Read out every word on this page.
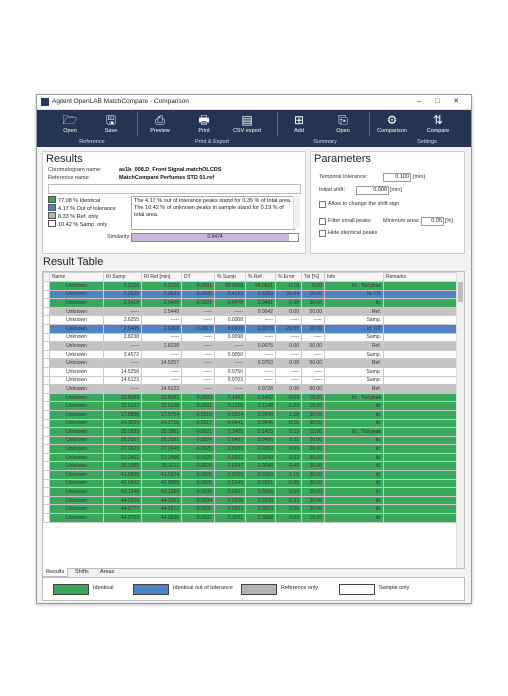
Agilent OpenLAB MatchCompare - Comparison	– □ ✕
🗁
Open
🖫
Save
⎙
Preview
🖶
Print
▤
CSV export
⊞
Add
⎘
Open
⚙
Comparison
⇅
Compare
Reference	Print & Export	Summary	Settings
Results
Chromatogram name:	as1b_008.D_Front Signal.matchOLCDS
Reference name:	MatchCompare Perfumes STD 01.ref
77.08 % Identical
4.17 % Out of tolerance
8.33 % Ref. only
10.42 % Samp. only
The 4.17 % out of tolerance peaks stand for 0.35 % of total area.
The 10.42 % of unknown peaks in sample stand for 0.19 % of total area.
Similarity:	0.9474
Parameters
Temporal tolerance:	0.100 [min]
Initial shift:	0.000 [min]
Allow to change the shift sign
Filter small peaks Minimum area:	0.05 [%]
Hide identical peaks
Result Table
	Name	Rt Samp	Rt Ref [min]	DT	% Samp	% Ref	% Error	Tol [%]	Info	Remarks
	Unknown	2.2126	2.2126	-0.0001	99.9959	94.0921	-0.10	0.00	Id. , Tail peak	
	Unknown	2.2628	2.2633	-0.0005	0.4152	0.3283	25.84	15.00	Id. OT	
	Unknown	2.5419	2.5420	-0.0001	0.0478	0.0481	-0.48	30.00	Id.	
	Unknown	-----	2.5448	-----	-----	0.0042	0.00	50.00	Ref.	
	Unknown	2.6255	-----	-----	0.0308	-----	-----	-----	Samp.	
	Unknown	2.5445	2.6258	-0.0813	0.0209	0.0278	-26.50	30.00	Id. OT	
	Unknown	2.8238	-----	-----	0.0098	-----	-----	-----	Samp.	
	Unknown	-----	2.8238	-----	-----	0.0075	0.00	50.00	Ref.	
	Unknown	3.4572	-----	-----	0.0050	-----	-----	-----	Samp.	
	Unknown	-----	14.5257	-----	-----	0.0753	0.00	50.00	Ref.	
	Unknown	14.5258	-----	-----	0.0750	-----	-----	-----	Samp.	
	Unknown	14.6123	-----	-----	0.0703	-----	-----	-----	Samp.	
	Unknown	-----	14.6123	-----	-----	0.0728	0.00	50.00	Ref.	
	Unknown	15.8083	15.8081	0.0003	0.1492	0.1492	-0.03	15.00	Id. , Tail peak	
	Unknown	15.9137	15.9138	-0.0001	0.1155	0.1148	-1.09	15.00	Id.	
	Unknown	17.5696	17.5704	-0.0010	0.0354	0.0348	1.58	30.00	Id.	
	Unknown	24.3699	24.3716	-0.0017	0.0641	0.0645	-0.16	30.00	Id.	
	Unknown	25.1839	25.1861	-0.0021	0.1405	0.1403	0.12	15.00	Id. , Tail peak	
	Unknown	26.2557	26.2581	-0.0024	0.0407	0.0406	0.11	30.00	Id.	
	Unknown	27.0623	27.0648	-0.0025	0.0159	0.0159	0.09	30.00	Id.	
	Unknown	31.2461	31.2486	-0.0025	0.0251	0.0249	0.63	30.00	Id.	
	Unknown	35.1585	35.1611	-0.0026	0.0247	0.0246	0.49	30.00	Id.	
	Unknown	41.5598	41.5624	-0.0026	0.0159	0.0160	-1.10	30.00	Id.	
	Unknown	42.9932	42.9958	-0.0026	0.0149	0.0151	-0.96	30.00	Id.	
	Unknown	43.1248	43.1284	-0.0036	0.0367	0.0365	0.54	30.00	Id.	
	Unknown	44.2929	44.2963	-0.0034	0.0238	0.0239	-0.33	30.00	Id.	
	Unknown	44.6777	44.6812	-0.0035	0.0553	0.0553	0.00	30.00	Id.	
	Unknown	44.9799	44.9836	-0.0037	0.3091	0.3088	0.09	15.00	Id.	
Results	Shifts	Areas
Identical	Identical out of tolerance	Reference only	Sample only
